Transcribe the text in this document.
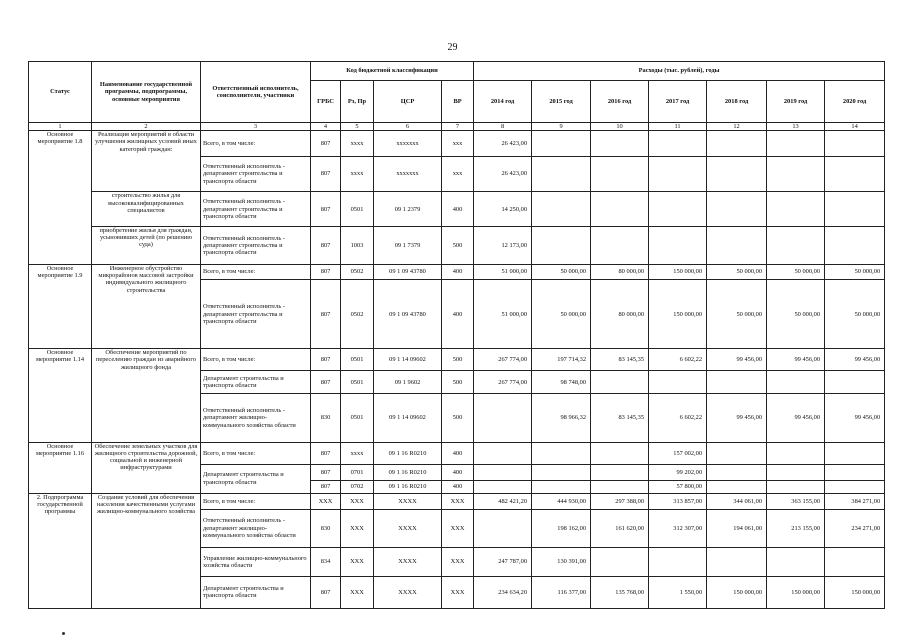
29
Статус	Наименование государственной программы, подпрограммы, основные мероприятия	Ответственный исполнитель, соисполнители, участники	Код бюджетной классификации				Расходы (тыс. рублей), годы						
			ГРБС	Рз, Пр	ЦСР	ВР	2014 год	2015 год	2016 год	2017 год	2018 год	2019 год	2020 год
1	2	3	4	5	6	7	8	9	10	11	12	13	14
Основное мероприятие 1.8	Реализация мероприятий в области улучшения жилищных условий иных категорий граждан:	Всего, в том числе:	807	хххх	ххххххх	ххх	26 423,00						
		Ответственный исполнитель - департамент строительства и транспорта области	807	хххх	ххххххх	ххх	26 423,00						
	строительство жилья для высококвалифицированных специалистов	Ответственный исполнитель - департамент строительства и транспорта области	807	0501	09 1 2379	400	14 250,00						
	приобретение жилья для граждан, усыновивших детей (по решению суда)	Ответственный исполнитель - департамент строительства и транспорта области	807	1003	09 1 7379	500	12 173,00						
Основное мероприятие 1.9	Инженерное обустройство микрорайонов массовой застройки индивидуального жилищного строительства	Всего, в том числе:	807	0502	09 1 09 43780	400	51 000,00	50 000,00	80 000,00	150 000,00	50 000,00	50 000,00	50 000,00
		Ответственный исполнитель - департамент строительства и транспорта области	807	0502	09 1 09 43780	400	51 000,00	50 000,00	80 000,00	150 000,00	50 000,00	50 000,00	50 000,00
Основное мероприятие 1.14	Обеспечение мероприятий по переселению граждан из аварийного жилищного фонда	Всего, в том числе:	807	0501	09 1 14 09602	500	267 774,00	197 714,32	83 145,35	6 602,22	99 456,00	99 456,00	99 456,00
		Департамент строительства и транспорта области	807	0501	09 1 9602	500	267 774,00	98 748,00					
		Ответственный исполнитель - департамент жилищно-коммунального хозяйства области	830	0501	09 1 14 09602	500		98 966,32	83 145,35	6 602,22	99 456,00	99 456,00	99 456,00
Основное мероприятие 1.16	Обеспечение земельных участков для жилищного строительства дорожной, социальной и инженерной инфраструктурами	Всего, в том числе:	807	хххх	09 1 16 R0210	400				157 002,00			
		Департамент строительства и транспорта области	807	0701	09 1 16 R0210	400				99 202,00			
			807	0702	09 1 16 R0210	400				57 800,00			
2. Подпрограмма государственной программы	Создание условий для обеспечения населения качественными услугами жилищно-коммунального хозяйства	Всего, в том числе:	ХХХ	ХХХ	ХХХХ	ХХХ	482 421,20	444 930,00	297 388,00	313 857,00	344 061,00	363 155,00	384 271,00
		Ответственный исполнитель - департамент жилищно-коммунального хозяйства области	830	ХХХ	ХХХХ	ХХХ		198 162,00	161 620,00	312 307,00	194 061,00	213 155,00	234 271,00
		Управление жилищно-коммунального хозяйства области	834	ХХХ	ХХХХ	ХХХ	247 787,00	130 391,00					
		Департамент строительства и транспорта области	807	ХХХ	ХХХХ	ХХХ	234 634,20	116 377,00	135 768,00	1 550,00	150 000,00	150 000,00	150 000,00
